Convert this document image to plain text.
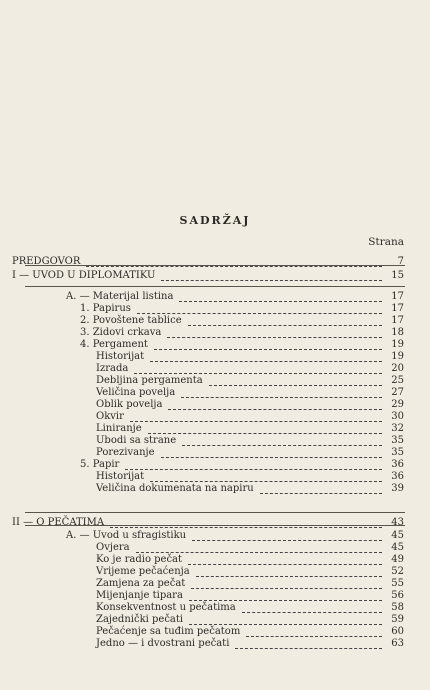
SADRŽAJ
Strana
PREDGOVOR	7
I — UVOD U DIPLOMATIKU	15
A. — Materijal listina	17
1. Papirus	17
2. Povoštene tablice	17
3. Zidovi crkava	18
4. Pergament	19
Historijat	19
Izrada	20
Debljina pergamenta	25
Veličina povelja	27
Oblik povelja	29
Okvir	30
Liniranje	32
Ubodi sa strane	35
Porezivanje	35
5. Papir	36
Historijat	36
Veličina dokumenata na napiru	39
II — O PEČATIMA	43
A. — Uvod u sfragistiku	45
Ovjera	45
Ko je radio pečat	49
Vrijeme pečaćenja	52
Zamjena za pečat	55
Mijenjanje tipara	56
Konsekventnost u pečatima	58
Zajednički pečati	59
Pečaćenje sa tuđim pečatom	60
Jedno — i dvostrani pečati	63
